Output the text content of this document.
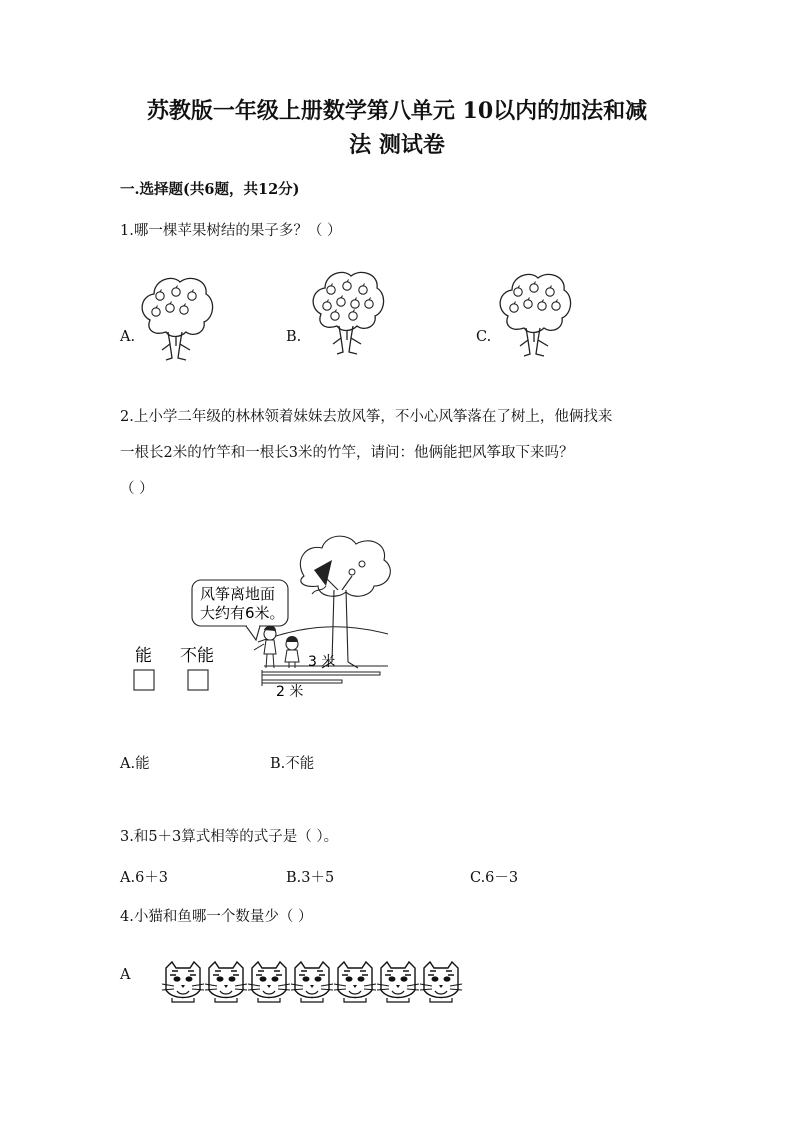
苏教版一年级上册数学第八单元 10以内的加法和减
法 测试卷
一.选择题(共6题，共12分)
1.哪一棵苹果树结的果子多？（ ）
A.	B.	C.
2.上小学二年级的林林领着妹妹去放风筝，不小心风筝落在了树上，他俩找来
一根长2米的竹竿和一根长3米的竹竿，请问：他俩能把风筝取下来吗？
（ ）
能 不能
风筝离地面
大约有6米。
3 米
2 米
A.能	B.不能
3.和5＋3算式相等的式子是（ ）。
A.6＋3	B.3＋5	C.6－3
4.小猫和鱼哪一个数量少（ ）
A
